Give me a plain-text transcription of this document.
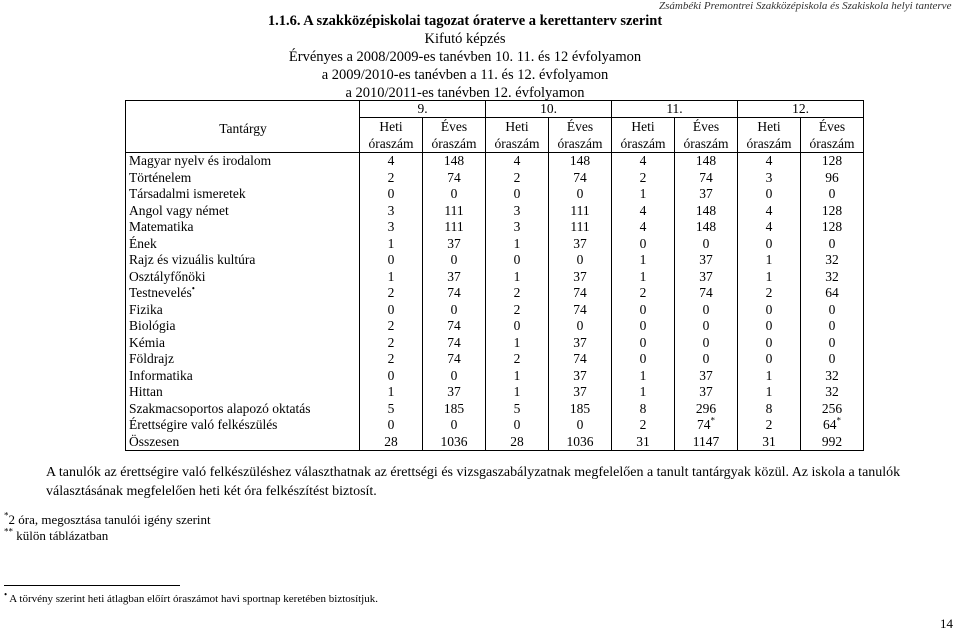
Zsámbéki Premontrei Szakközépiskola és Szakiskola helyi tanterve
1.1.6. A szakközépiskolai tagozat óraterve a kerettanterv szerint
Kifutó képzés
Érvényes a 2008/2009-es tanévben 10. 11. és 12 évfolyamon
a 2009/2010-es tanévben a 11. és 12. évfolyamon
a 2010/2011-es tanévben 12. évfolyamon
Tantárgy	9.		10.		11.		12.	
	Heti	Éves	Heti	Éves	Heti	Éves	Heti	Éves
	óraszám	óraszám	óraszám	óraszám	óraszám	óraszám	óraszám	óraszám
Magyar nyelv és irodalom	4	148	4	148	4	148	4	128
Történelem	2	74	2	74	2	74	3	96
Társadalmi ismeretek	0	0	0	0	1	37	0	0
Angol vagy német	3	111	3	111	4	148	4	128
Matematika	3	111	3	111	4	148	4	128
Ének	1	37	1	37	0	0	0	0
Rajz és vizuális kultúra	0	0	0	0	1	37	1	32
Osztályfőnöki	1	37	1	37	1	37	1	32
Testnevelés•	2	74	2	74	2	74	2	64
Fizika	0	0	2	74	0	0	0	0
Biológia	2	74	0	0	0	0	0	0
Kémia	2	74	1	37	0	0	0	0
Földrajz	2	74	2	74	0	0	0	0
Informatika	0	0	1	37	1	37	1	32
Hittan	1	37	1	37	1	37	1	32
Szakmacsoportos alapozó oktatás	5	185	5	185	8	296	8	256
Érettségire való felkészülés	0	0	0	0	2	74*	2	64*
Összesen	28	1036	28	1036	31	1147	31	992
A tanulók az érettségire való felkészüléshez választhatnak az érettségi és vizsgaszabályzatnak megfelelően a tanult tantárgyak közül. Az iskola a tanulók választásának megfelelően heti két óra felkészítést biztosít.
*2 óra, megosztása tanulói igény szerint
** külön táblázatban
• A törvény szerint heti átlagban előírt óraszámot havi sportnap keretében biztosítjuk.
14
